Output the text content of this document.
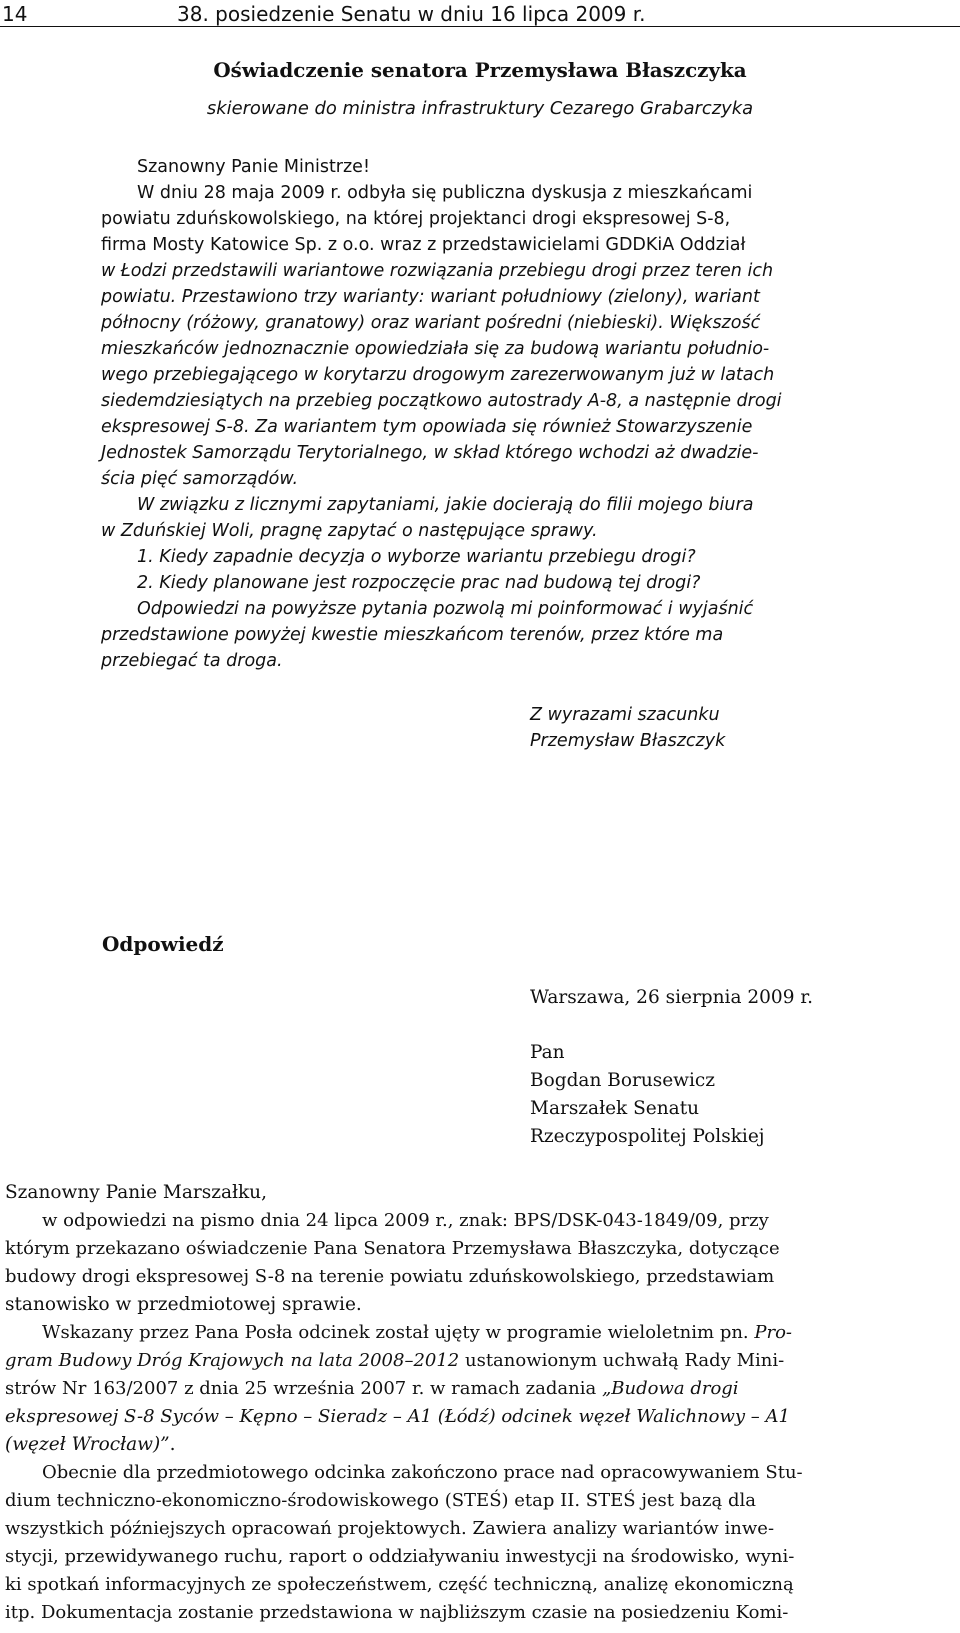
14	38. posiedzenie Senatu w dniu 16 lipca 2009 r.
Oświadczenie senatora Przemysława Błaszczyka
skierowane do ministra infrastruktury Cezarego Grabarczyka
Szanowny Panie Ministrze!
W dniu 28 maja 2009 r. odbyła się publiczna dyskusja z mieszkańcami
powiatu zduńskowolskiego, na której projektanci drogi ekspresowej S-8,
firma Mosty Katowice Sp. z o.o. wraz z przedstawicielami GDDKiA Oddział
w Łodzi przedstawili wariantowe rozwiązania przebiegu drogi przez teren ich
powiatu. Przestawiono trzy warianty: wariant południowy (zielony), wariant
północny (różowy, granatowy) oraz wariant pośredni (niebieski). Większość
mieszkańców jednoznacznie opowiedziała się za budową wariantu południo-
wego przebiegającego w korytarzu drogowym zarezerwowanym już w latach
siedemdziesiątych na przebieg początkowo autostrady A-8, a następnie drogi
ekspresowej S-8. Za wariantem tym opowiada się również Stowarzyszenie
Jednostek Samorządu Terytorialnego, w skład którego wchodzi aż dwadzie-
ścia pięć samorządów.
W związku z licznymi zapytaniami, jakie docierają do filii mojego biura
w Zduńskiej Woli, pragnę zapytać o następujące sprawy.
1. Kiedy zapadnie decyzja o wyborze wariantu przebiegu drogi?
2. Kiedy planowane jest rozpoczęcie prac nad budową tej drogi?
Odpowiedzi na powyższe pytania pozwolą mi poinformować i wyjaśnić
przedstawione powyżej kwestie mieszkańcom terenów, przez które ma
przebiegać ta droga.
Z wyrazami szacunku
Przemysław Błaszczyk
Odpowiedź
Warszawa, 26 sierpnia 2009 r.
Pan
Bogdan Borusewicz
Marszałek Senatu
Rzeczypospolitej Polskiej
Szanowny Panie Marszałku,
w odpowiedzi na pismo dnia 24 lipca 2009 r., znak: BPS/DSK-043-1849/09, przy
którym przekazano oświadczenie Pana Senatora Przemysława Błaszczyka, dotyczące
budowy drogi ekspresowej S-8 na terenie powiatu zduńskowolskiego, przedstawiam
stanowisko w przedmiotowej sprawie.
Wskazany przez Pana Posła odcinek został ujęty w programie wieloletnim pn. Pro-
gram Budowy Dróg Krajowych na lata 2008–2012 ustanowionym uchwałą Rady Mini-
strów Nr 163/2007 z dnia 25 września 2007 r. w ramach zadania „Budowa drogi
ekspresowej S-8 Syców – Kępno – Sieradz – A1 (Łódź) odcinek węzeł Walichnowy – A1
(węzeł Wrocław)”.
Obecnie dla przedmiotowego odcinka zakończono prace nad opracowywaniem Stu-
dium techniczno-ekonomiczno-środowiskowego (STEŚ) etap II. STEŚ jest bazą dla
wszystkich późniejszych opracowań projektowych. Zawiera analizy wariantów inwe-
stycji, przewidywanego ruchu, raport o oddziaływaniu inwestycji na środowisko, wyni-
ki spotkań informacyjnych ze społeczeństwem, część techniczną, analizę ekonomiczną
itp. Dokumentacja zostanie przedstawiona w najbliższym czasie na posiedzeniu Komi-
